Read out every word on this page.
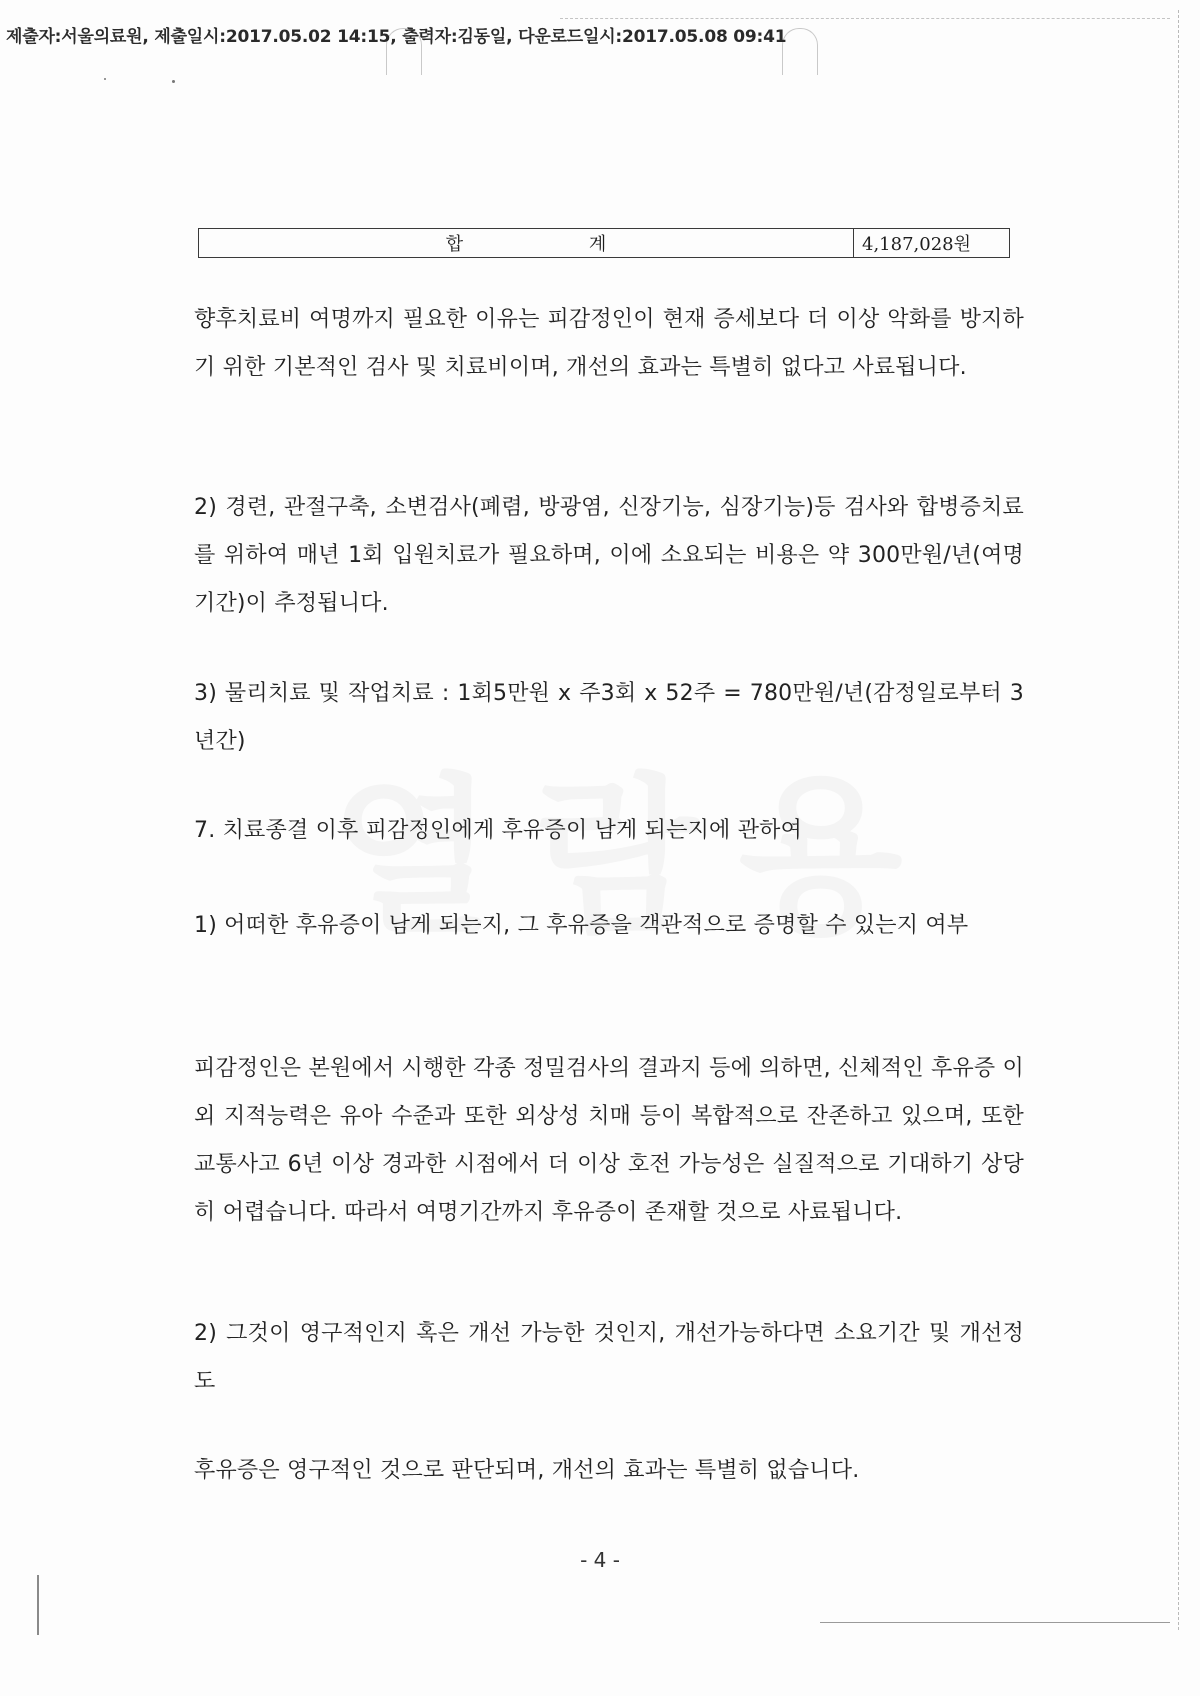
제출자:서울의료원, 제출일시:2017.05.02 14:15, 출력자:김동일, 다운로드일시:2017.05.08 09:41
합 계	4,187,028원
향후치료비 여명까지 필요한 이유는 피감정인이 현재 증세보다 더 이상 악화를 방지하기 위한 기본적인 검사 및 치료비이며, 개선의 효과는 특별히 없다고 사료됩니다.
2) 경련, 관절구축, 소변검사(폐렴, 방광염, 신장기능, 심장기능)등 검사와 합병증치료를 위하여 매년 1회 입원치료가 필요하며, 이에 소요되는 비용은 약 300만원/년(여명기간)이 추정됩니다.
3) 물리치료 및 작업치료 : 1회5만원 x 주3회 x 52주 = 780만원/년(감정일로부터 3년간)
7. 치료종결 이후 피감정인에게 후유증이 남게 되는지에 관하여
1) 어떠한 후유증이 남게 되는지, 그 후유증을 객관적으로 증명할 수 있는지 여부
피감정인은 본원에서 시행한 각종 정밀검사의 결과지 등에 의하면, 신체적인 후유증 이외 지적능력은 유아 수준과 또한 외상성 치매 등이 복합적으로 잔존하고 있으며, 또한 교통사고 6년 이상 경과한 시점에서 더 이상 호전 가능성은 실질적으로 기대하기 상당히 어렵습니다. 따라서 여명기간까지 후유증이 존재할 것으로 사료됩니다.
2) 그것이 영구적인지 혹은 개선 가능한 것인지, 개선가능하다면 소요기간 및 개선정도
후유증은 영구적인 것으로 판단되며, 개선의 효과는 특별히 없습니다.
- 4 -
